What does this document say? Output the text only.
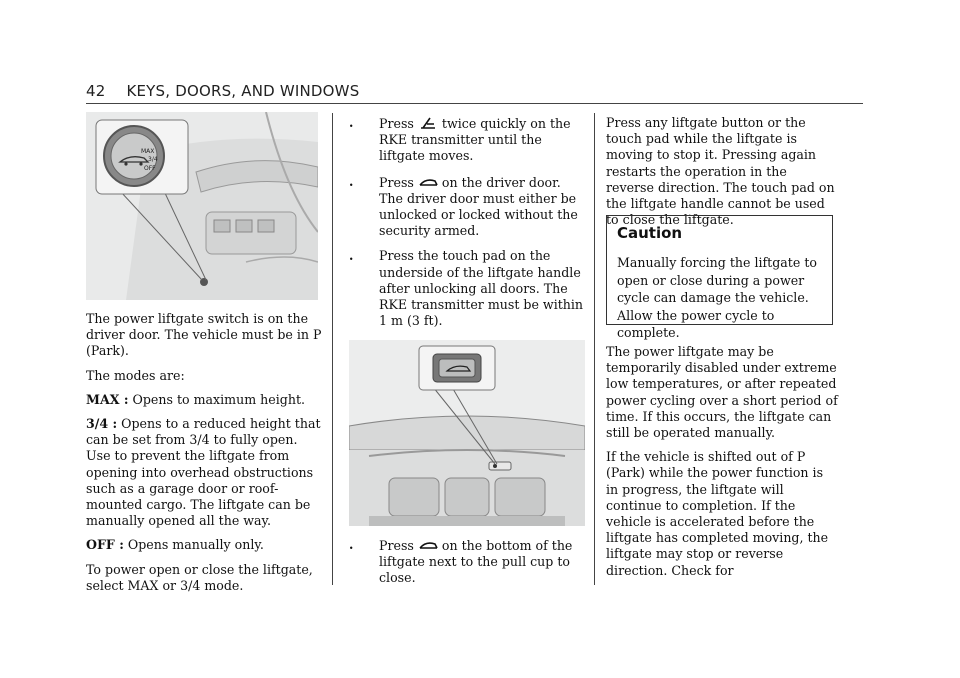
42 KEYS, DOORS, AND WINDOWS
MAX
3/4
OFF

The power liftgate switch is on the driver door. The vehicle must be in P (Park).

The modes are:

MAX : Opens to maximum height.

3/4 : Opens to a reduced height that can be set from 3/4 to fully open. Use to prevent the liftgate from opening into overhead obstructions such as a garage door or roof-mounted cargo. The liftgate can be manually opened all the way.

OFF : Opens manually only.

To power open or close the liftgate, select MAX or 3/4 mode.

. Press  twice quickly on the RKE transmitter until the liftgate moves.
. Press  on the driver door. The driver door must either be unlocked or locked without the security armed.
. Press the touch pad on the underside of the liftgate handle after unlocking all doors. The RKE transmitter must be within 1 m (3 ft).
. Press  on the bottom of the liftgate next to the pull cup to close.

Press any liftgate button or the touch pad while the liftgate is moving to stop it. Pressing again restarts the operation in the reverse direction. The touch pad on the liftgate handle cannot be used to close the liftgate.

Caution

Manually forcing the liftgate to open or close during a power cycle can damage the vehicle. Allow the power cycle to complete.

The power liftgate may be temporarily disabled under extreme low temperatures, or after repeated power cycling over a short period of time. If this occurs, the liftgate can still be operated manually.

If the vehicle is shifted out of P (Park) while the power function is in progress, the liftgate will continue to completion. If the vehicle is accelerated before the liftgate has completed moving, the liftgate may stop or reverse direction. Check for
